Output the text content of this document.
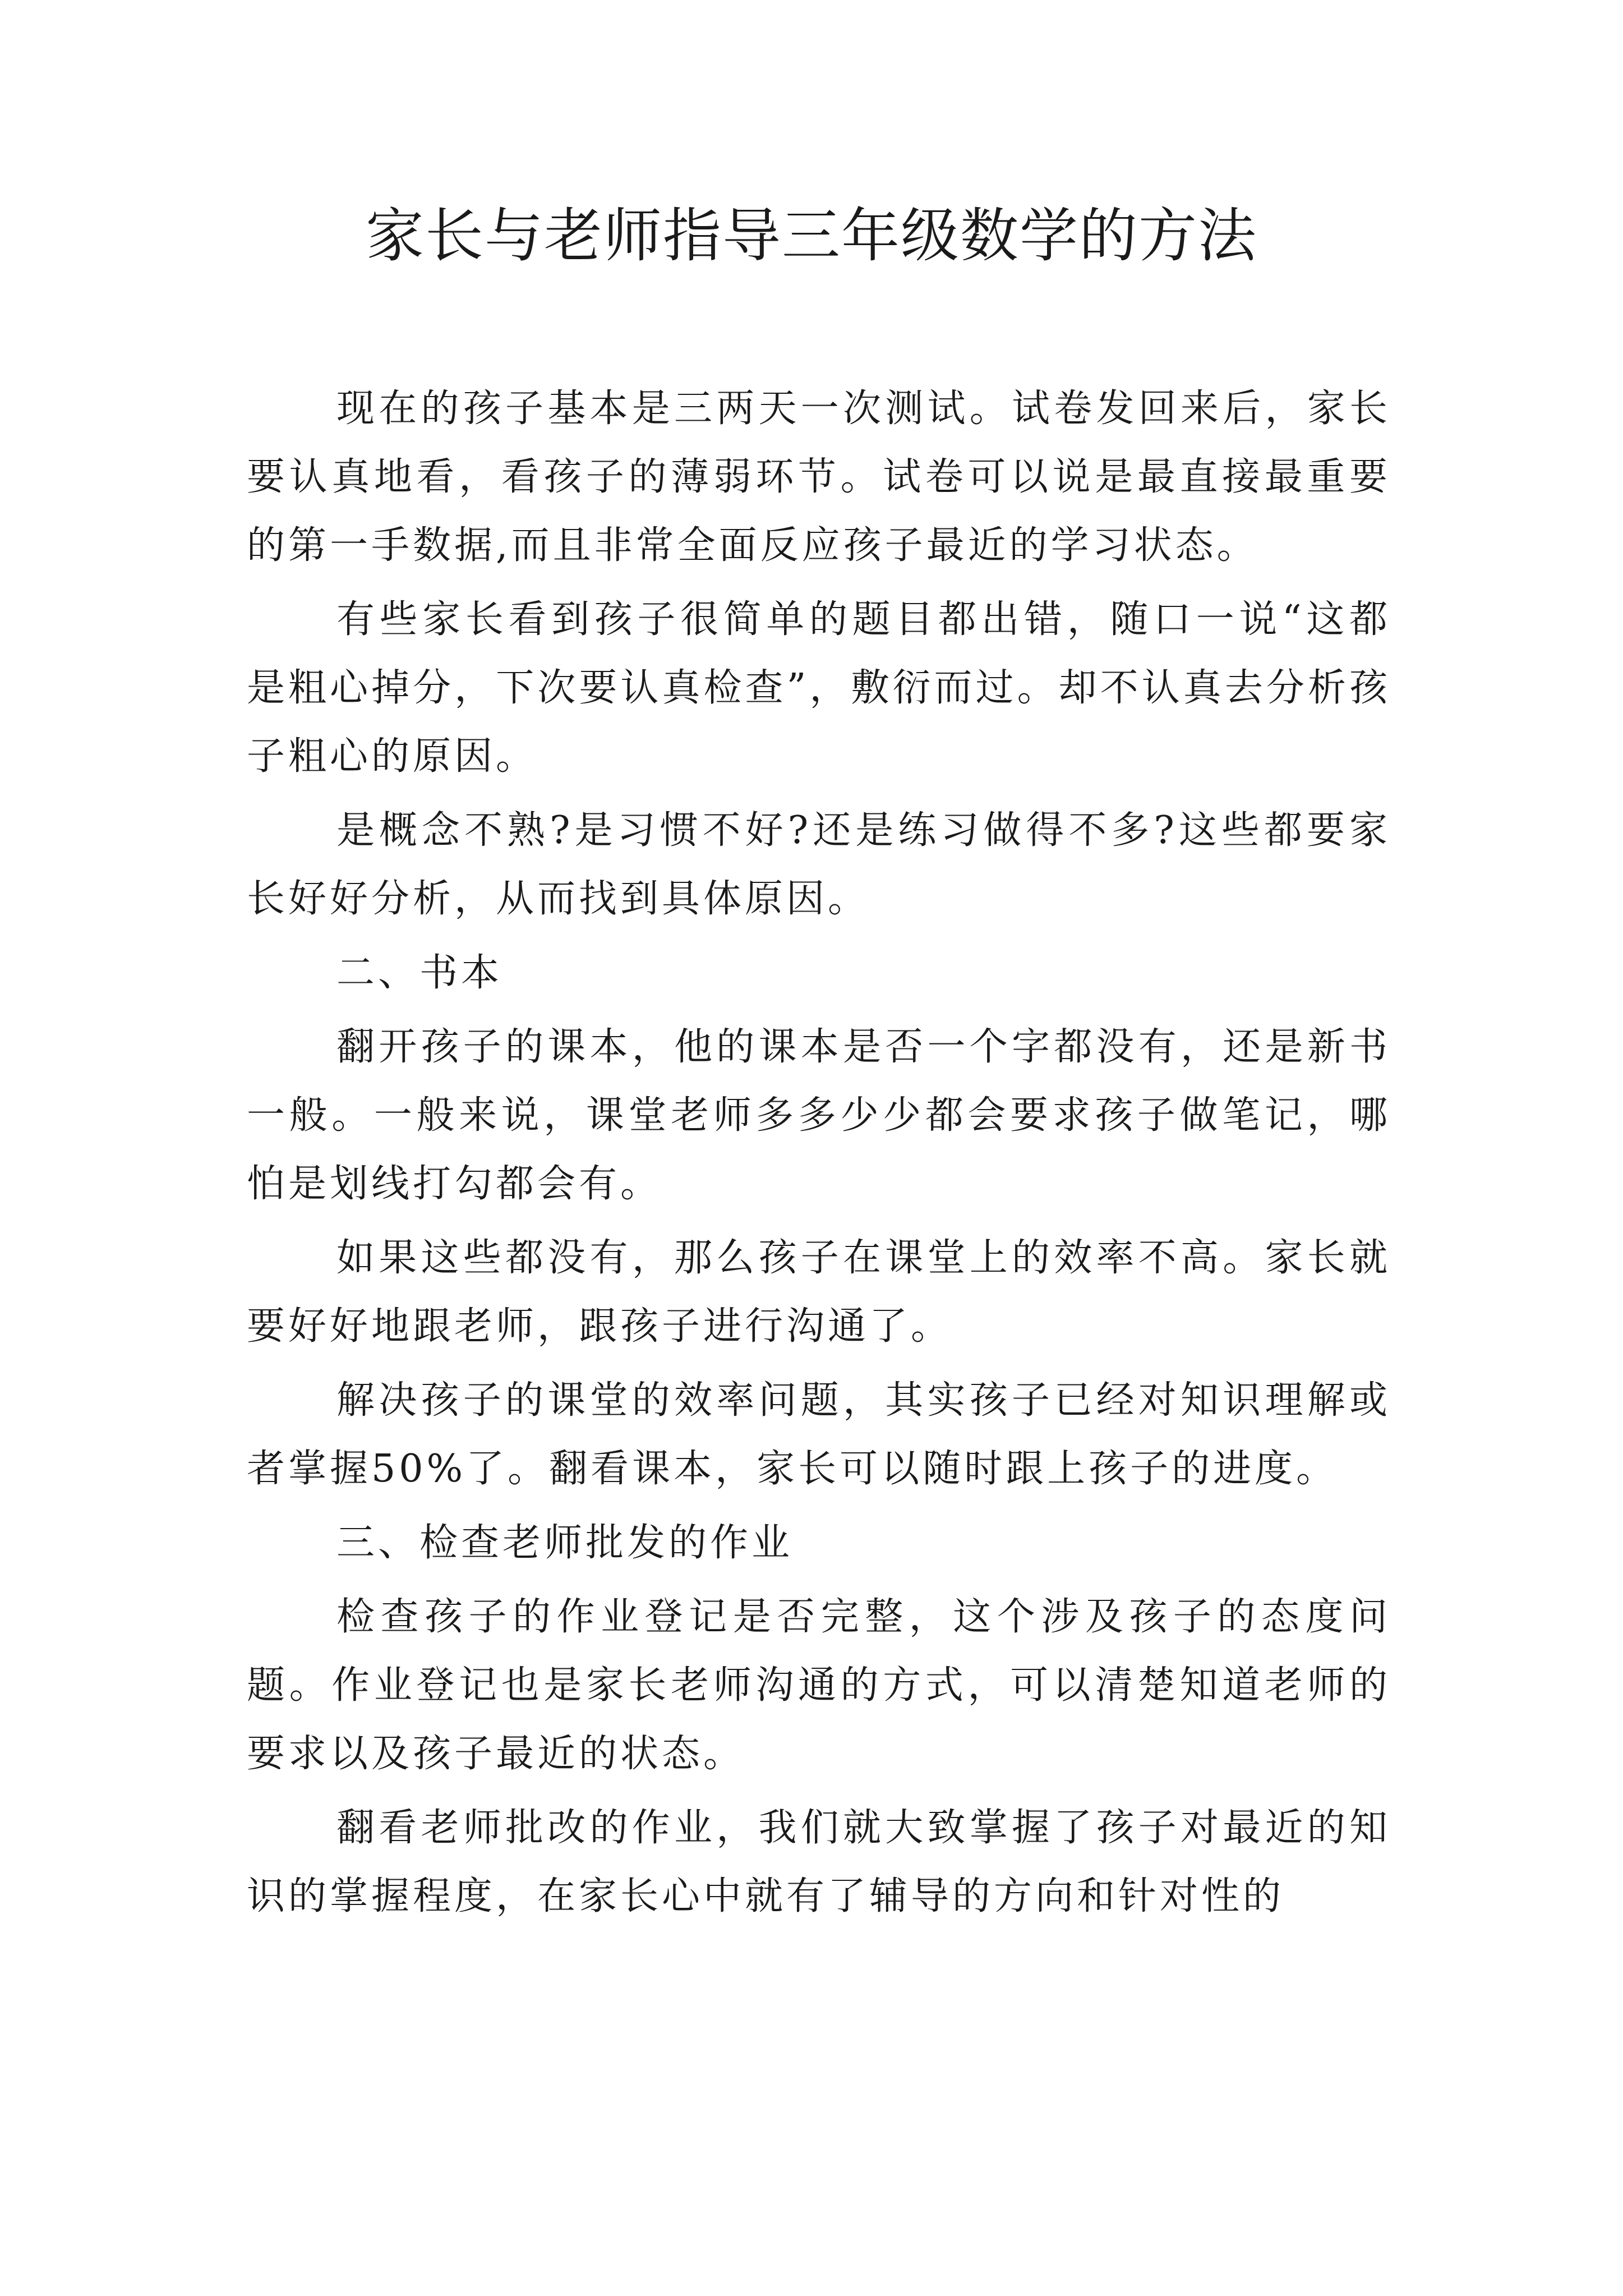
家长与老师指导三年级数学的方法

现在的孩子基本是三两天一次测试。试卷发回来后，家长要认真地看，看孩子的薄弱环节。试卷可以说是最直接最重要的第一手数据,而且非常全面反应孩子最近的学习状态。

有些家长看到孩子很简单的题目都出错，随口一说“这都是粗心掉分，下次要认真检查”，敷衍而过。却不认真去分析孩子粗心的原因。

是概念不熟?是习惯不好?还是练习做得不多?这些都要家长好好分析，从而找到具体原因。

二、书本

翻开孩子的课本，他的课本是否一个字都没有，还是新书一般。一般来说，课堂老师多多少少都会要求孩子做笔记，哪怕是划线打勾都会有。

如果这些都没有，那么孩子在课堂上的效率不高。家长就要好好地跟老师，跟孩子进行沟通了。

解决孩子的课堂的效率问题，其实孩子已经对知识理解或者掌握50%了。翻看课本，家长可以随时跟上孩子的进度。

三、检查老师批发的作业

检查孩子的作业登记是否完整，这个涉及孩子的态度问题。作业登记也是家长老师沟通的方式，可以清楚知道老师的要求以及孩子最近的状态。

翻看老师批改的作业，我们就大致掌握了孩子对最近的知识的掌握程度，在家长心中就有了辅导的方向和针对性的
